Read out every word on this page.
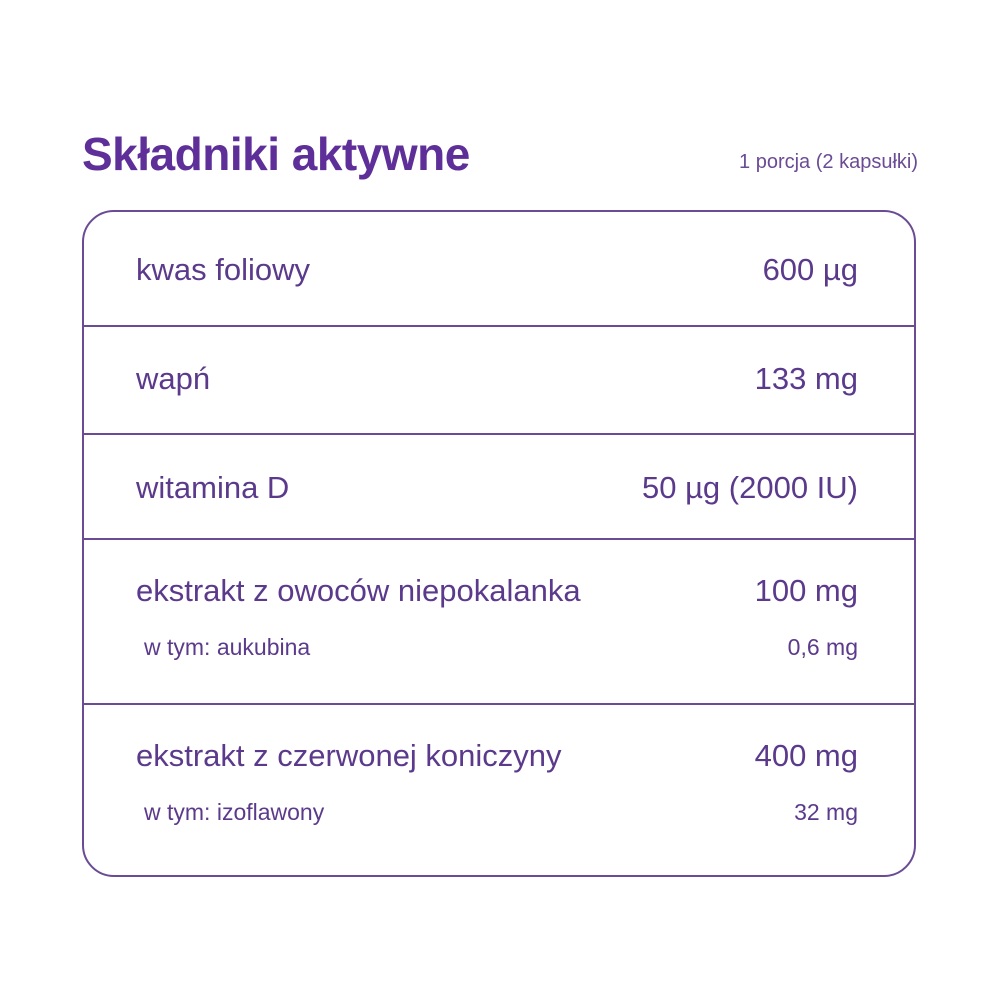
Składniki aktywne	1 porcja (2 kapsułki)
kwas foliowy	600 µg
wapń	133 mg
witamina D	50 µg (2000 IU)
ekstrakt z owoców niepokalanka	100 mg
w tym: aukubina	0,6 mg
ekstrakt z czerwonej koniczyny	400 mg
w tym: izoflawony	32 mg
